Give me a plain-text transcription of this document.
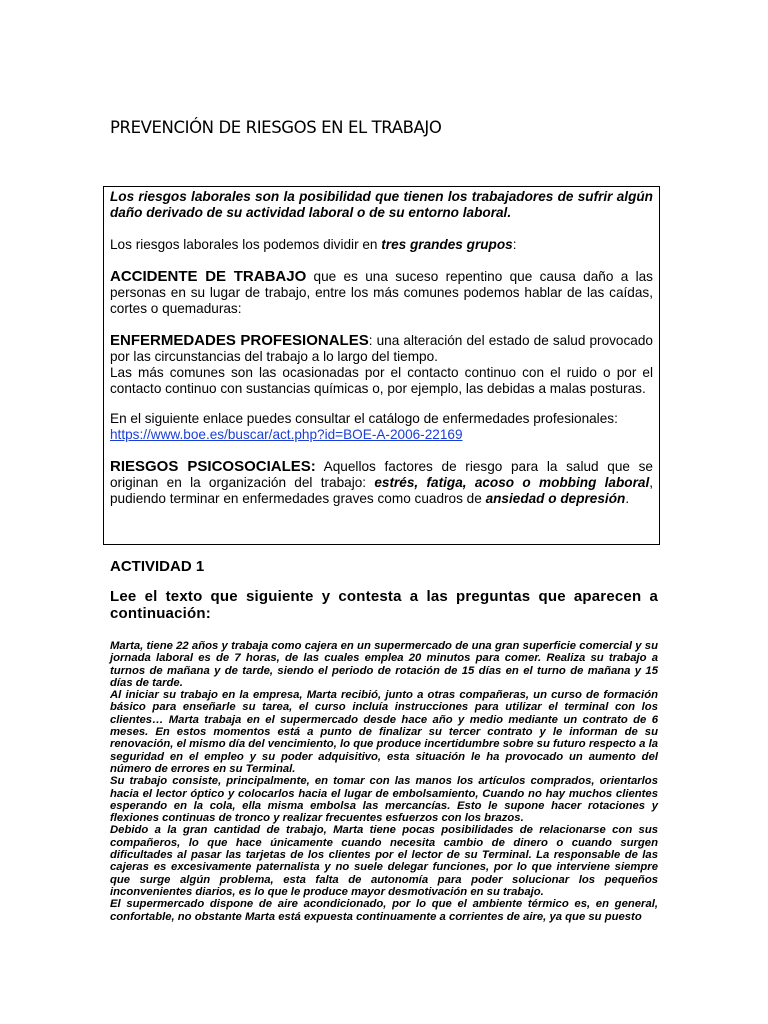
PREVENCIÓN DE RIESGOS EN EL TRABAJO

Los riesgos laborales son la posibilidad que tienen los trabajadores de sufrir algún daño derivado de su actividad laboral o de su entorno laboral.

Los riesgos laborales los podemos dividir en tres grandes grupos:

ACCIDENTE DE TRABAJO que es una suceso repentino que causa daño a las personas en su lugar de trabajo, entre los más comunes podemos hablar de las caídas, cortes o quemaduras:

ENFERMEDADES PROFESIONALES: una alteración del estado de salud provocado por las circunstancias del trabajo a lo largo del tiempo.

Las más comunes son las ocasionadas por el contacto continuo con el ruido o por el contacto continuo con sustancias químicas o, por ejemplo, las debidas a malas posturas.

En el siguiente enlace puedes consultar el catálogo de enfermedades profesionales:

https://www.boe.es/buscar/act.php?id=BOE-A-2006-22169

RIESGOS PSICOSOCIALES: Aquellos factores de riesgo para la salud que se originan en la organización del trabajo: estrés, fatiga, acoso o mobbing laboral, pudiendo terminar en enfermedades graves como cuadros de ansiedad o depresión.

ACTIVIDAD 1

Lee el texto que siguiente y contesta a las preguntas que aparecen a continuación:

Marta, tiene 22 años y trabaja como cajera en un supermercado de una gran superficie comercial y su jornada laboral es de 7 horas, de las cuales emplea 20 minutos para comer. Realiza su trabajo a turnos de mañana y de tarde, siendo el periodo de rotación de 15 días en el turno de mañana y 15 días de tarde.

Al iniciar su trabajo en la empresa, Marta recibió, junto a otras compañeras, un curso de formación básico para enseñarle su tarea, el curso incluía instrucciones para utilizar el terminal con los clientes… Marta trabaja en el supermercado desde hace año y medio mediante un contrato de 6 meses. En estos momentos está a punto de finalizar su tercer contrato y le informan de su renovación, el mismo día del vencimiento, lo que produce incertidumbre sobre su futuro respecto a la seguridad en el empleo y su poder adquisitivo, esta situación le ha provocado un aumento del número de errores en su Terminal.

Su trabajo consiste, principalmente, en tomar con las manos los artículos comprados, orientarlos hacia el lector óptico y colocarlos hacia el lugar de embolsamiento, Cuando no hay muchos clientes esperando en la cola, ella misma embolsa las mercancías. Esto le supone hacer rotaciones y flexiones continuas de tronco y realizar frecuentes esfuerzos con los brazos.

Debido a la gran cantidad de trabajo, Marta tiene pocas posibilidades de relacionarse con sus compañeros, lo que hace únicamente cuando necesita cambio de dinero o cuando surgen dificultades al pasar las tarjetas de los clientes por el lector de su Terminal. La responsable de las cajeras es excesivamente paternalista y no suele delegar funciones, por lo que interviene siempre que surge algún problema, esta falta de autonomía para poder solucionar los pequeños inconvenientes diarios, es lo que le produce mayor desmotivación en su trabajo.

El supermercado dispone de aire acondicionado, por lo que el ambiente térmico es, en general, confortable, no obstante Marta está expuesta continuamente a corrientes de aire, ya que su puesto
